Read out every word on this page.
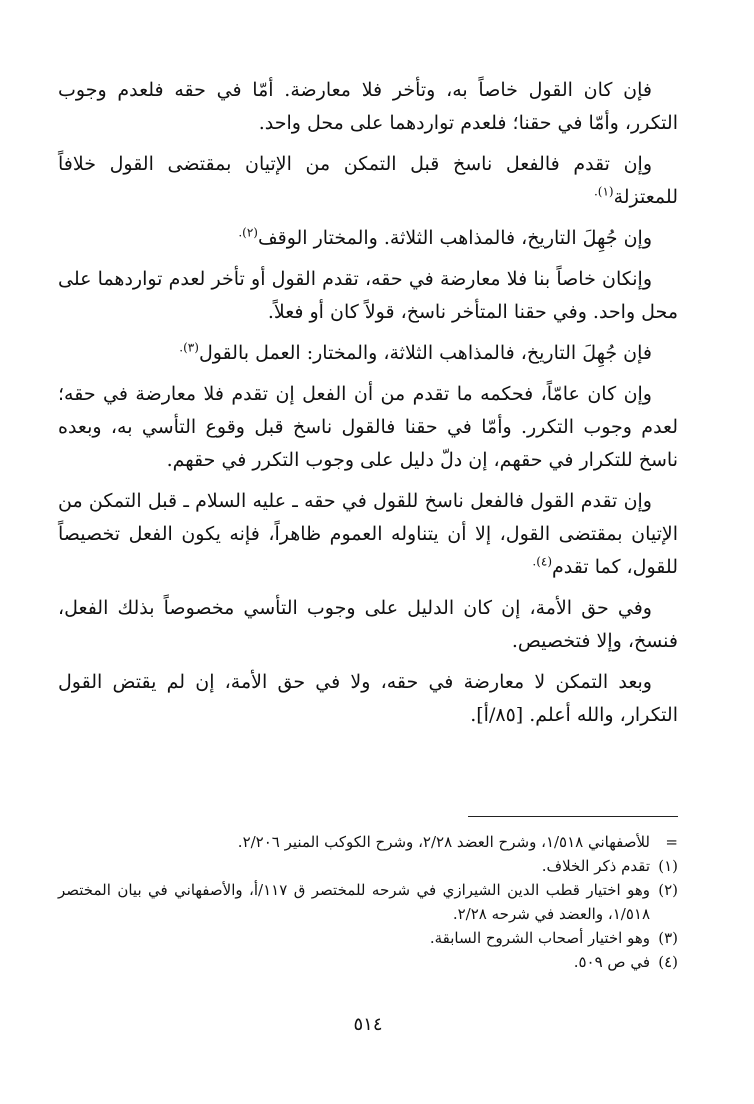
فإن كان القول خاصاً به، وتأخر فلا معارضة. أمّا في حقه فلعدم وجوب التكرر، وأمّا في حقنا؛ فلعدم تواردهما على محل واحد.

وإن تقدم فالفعل ناسخ قبل التمكن من الإتيان بمقتضى القول خلافاً للمعتزلة$^{(١).}$

وإن جُهِلَ التاريخ، فالمذاهب الثلاثة. والمختار الوقف$^{(٢).}$

وإنكان خاصاً بنا فلا معارضة في حقه، تقدم القول أو تأخر لعدم تواردهما على محل واحد. وفي حقنا المتأخر ناسخ، قولاً كان أو فعلاً.

فإن جُهِلَ التاريخ، فالمذاهب الثلاثة، والمختار: العمل بالقول$^{(٣).}$

وإن كان عامّاً، فحكمه ما تقدم من أن الفعل إن تقدم فلا معارضة في حقه؛ لعدم وجوب التكرر. وأمّا في حقنا فالقول ناسخ قبل وقوع التأسي به، وبعده ناسخ للتكرار في حقهم، إن دلّ دليل على وجوب التكرر في حقهم.

وإن تقدم القول فالفعل ناسخ للقول في حقه ـ عليه السلام ـ قبل التمكن من الإتيان بمقتضى القول، إلا أن يتناوله العموم ظاهراً، فإنه يكون الفعل تخصيصاً للقول، كما تقدم$^{(٤).}$

وفي حق الأمة، إن كان الدليل على وجوب التأسي مخصوصاً بذلك الفعل، فنسخ، وإلا فتخصيص.

وبعد التمكن لا معارضة في حقه، ولا في حق الأمة، إن لم يقتض القول التكرار، والله أعلم. [٨٥/أ].

=
للأصفهاني ١/٥١٨، وشرح العضد ٢/٢٨، وشرح الكوكب المنير ٢/٢٠٦.
(١)
تقدم ذكر الخلاف.
(٢)
وهو اختيار قطب الدين الشيرازي في شرحه للمختصر ق ١١٧/أ، والأصفهاني في بيان المختصر ١/٥١٨، والعضد في شرحه ٢/٢٨.
(٣)
وهو اختيار أصحاب الشروح السابقة.
(٤)
في ص ٥٠٩.
٥١٤
